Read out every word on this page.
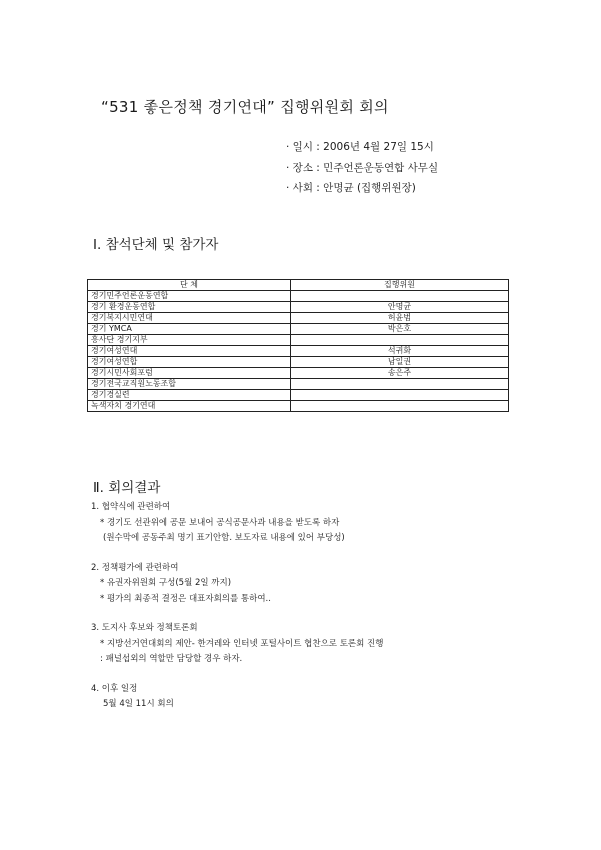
“531 좋은정책 경기연대” 집행위원회 회의
· 일시 : 2006년 4월 27일 15시
· 장소 : 민주언론운동연합 사무실
· 사회 : 안명균 (집행위원장)
Ⅰ. 참석단체 및 참가자
단 체	집행위원
경기민주언론운동연합	
경기 환경운동연합	안명균
경기복지시민연대	허윤범
경기 YMCA	박은호
흥사단 경기지부	
경기여성연대	석귀화
경기여성연합	남일권
경기시민사회포럼	송은주
경기전국교직원노동조합	
경기경실련	
녹색자치 경기연대	
Ⅱ. 회의결과
1. 협약식에 관련하여
* 경기도 선관위에 공문 보내어 공식공문사과 내용을 받도록 하자
(원수막에 공동주최 명기 표기안함. 보도자료 내용에 있어 부당성)
2. 정책평가에 관련하여
* 유권자위원회 구성(5월 2일 까지)
* 평가의 최종적 결정은 대표자회의를 통하여..
3. 도지사 후보와 정책토론회
* 지방선거연대회의 제안- 한겨레와 인터넷 포털사이트 협찬으로 토론회 진행
: 패널섭외의 역할만 담당할 경우 하자.
4. 이후 일정
5월 4일 11시 회의
